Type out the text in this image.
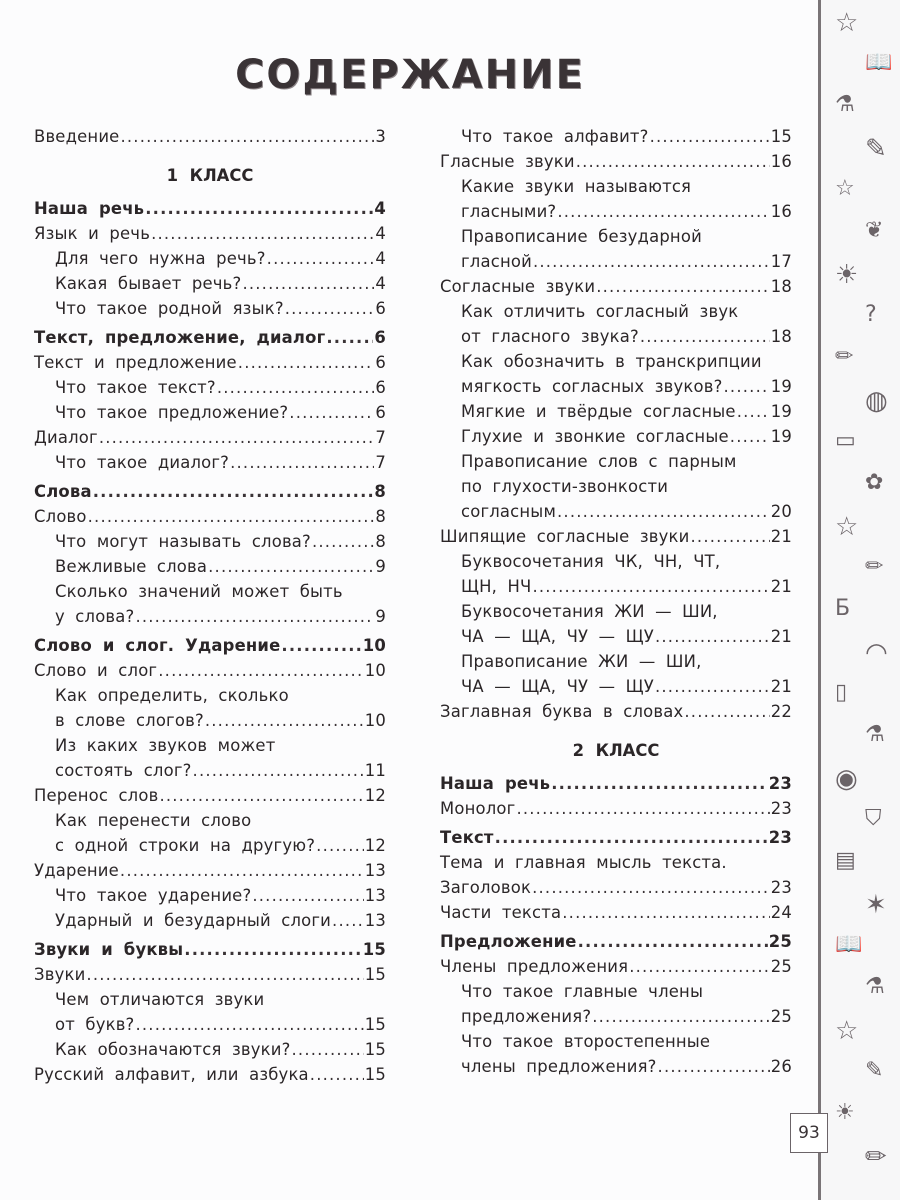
СОДЕРЖАНИЕ
Введение .....	3
1 КЛАСС
Наша речь .....	4
Язык и речь .....	4
Для чего нужна речь? .....	4
Какая бывает речь? .....	4
Что такое родной язык? .....	6
Текст, предложение, диалог .....	6
Текст и предложение .....	6
Что такое текст? .....	6
Что такое предложение? .....	6
Диалог .....	7
Что такое диалог? .....	7
Слова .....	8
Слово .....	8
Что могут называть слова? .....	8
Вежливые слова .....	9
Сколько значений может быть
у слова? .....	9
Слово и слог. Ударение .....	10
Слово и слог .....	10
Как определить, сколько
в слове слогов? .....	10
Из каких звуков может
состоять слог? .....	11
Перенос слов .....	12
Как перенести слово
с одной строки на другую? .....	12
Ударение .....	13
Что такое ударение? .....	13
Ударный и безударный слоги ..... 13
Звуки и буквы .....	15
Звуки .....	15
Чем отличаются звуки
от букв? .....	15
Как обозначаются звуки? .....	15
Русский алфавит, или азбука .....	15
Что такое алфавит? .....	15
Гласные звуки .....	16
Какие звуки называются
гласными? .....	16
Правописание безударной
гласной .....	17
Согласные звуки .....	18
Как отличить согласный звук
от гласного звука? .....	18
Как обозначить в транскрипции
мягкость согласных звуков? .....	19
Мягкие и твёрдые согласные ..... 19
Глухие и звонкие согласные .....	19
Правописание слов с парным
по глухости-звонкости
согласным .....	20
Шипящие согласные звуки .....	21
Буквосочетания ЧК, ЧН, ЧТ,
ЩН, НЧ .....	21
Буквосочетания ЖИ — ШИ,
ЧА — ЩА, ЧУ — ЩУ .....	21
Правописание ЖИ — ШИ,
ЧА — ЩА, ЧУ — ЩУ .....	21
Заглавная буква в словах .....	22
2 КЛАСС
Наша речь .....	23
Монолог .....	23
Текст .....	23
Тема и главная мысль текста.
Заголовок .....	23
Части текста .....	24
Предложение .....	25
Члены предложения .....	25
Что такое главные члены
предложения? .....	25
Что такое второстепенные
члены предложения? .....	26
☆
📖
⚗
✎
☆
❦
☀
?
✏
◍
▭
✿
☆
✏
Б
◠
▯
⚗
◉
⛉
▤
✶
📖
⚗
☆
✎
☀
✏
93
